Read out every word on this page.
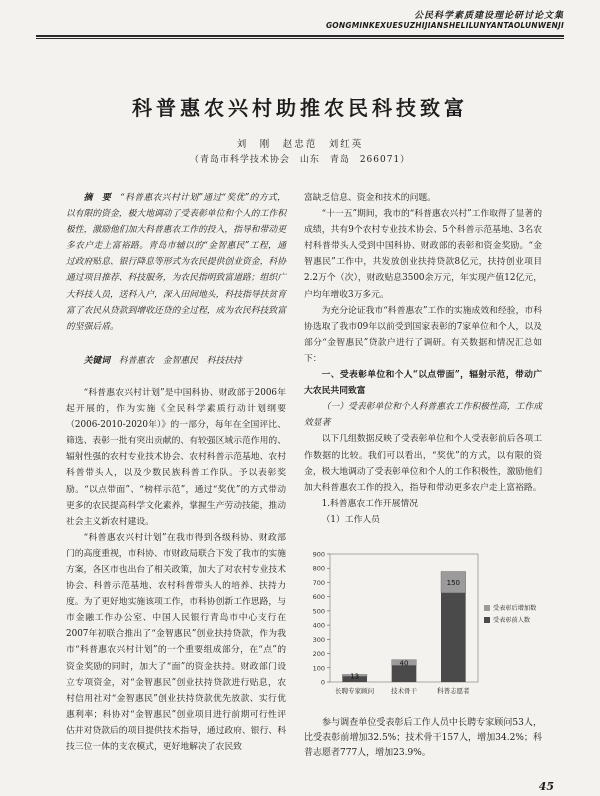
公民科学素质建设理论研讨论文集
GONGMINKEXUESUZHIJIANSHELILUNYANTAOLUNWENJI
科普惠农兴村助推农民科技致富
刘　刚　赵忠范　刘红英
（青岛市科学技术协会　山东　青岛　266071）

摘　要　 “科普惠农兴村计划”通过“奖优”的方式，以有限的资金，极大地调动了受表彰单位和个人的工作积极性，激励他们加大科普惠农工作的投入，指导和带动更多农户走上富裕路。青岛市辅以的“金智惠民”工程，通过政府贴息、银行降息等形式为农民提供创业资金，科协通过项目推荐、科技服务，为农民指明致富道路；组织广大科技人员，送科入户，深入田间地头，科技指导扶贫育富了农民从贷款到增收还贷的全过程，成为农民科技致富的坚强后盾。

关键词　 科普惠农　金智惠民　科技扶持

“科普惠农兴村计划”是中国科协、财政部于2006年起开展的，作为实施《全民科学素质行动计划纲要（2006-2010-2020年）》的一部分，每年在全国评比、筛选、表彰一批有突出贡献的、有较强区域示范作用的、辐射性强的农村专业技术协会、农村科普示范基地、农村科普带头人，以及少数民族科普工作队。予以表彰奖励。“以点带面”、“榜样示范”，通过“奖优”的方式带动更多的农民提高科学文化素养，掌握生产劳动技能，推动社会主义新农村建设。

“科普惠农兴村计划”在我市得到各级科协、财政部门的高度重视，市科协、市财政局联合下发了我市的实施方案，各区市也出台了相关政策，加大了对农村专业技术协会、科普示范基地、农村科普带头人的培养、扶持力度。为了更好地实施该项工作，市科协创新工作思路，与市金融工作办公室、中国人民银行青岛市中心支行在2007年初联合推出了“金智惠民”创业扶持贷款，作为我市“科普惠农兴村计划”的一个重要组成部分，在“点”的资金奖励的同时，加大了“面”的资金扶持。财政部门设立专项资金，对“金智惠民”创业扶持贷款进行贴息，农村信用社对“金智惠民”创业扶持贷款优先放款、实行优惠利率；科协对“金智惠民”创业项目进行前期可行性评估并对贷款后的项目提供技术指导，通过政府、银行、科技三位一体的支农模式，更好地解决了农民致

富缺乏信息、资金和技术的问题。

“十一五”期间，我市的“科普惠农兴村”工作取得了显著的成绩，共有9个农村专业技术协会、5个科普示范基地、3名农村科普带头人受到中国科协、财政部的表彰和资金奖励。“金智惠民”工作中，共发放创业扶持贷款8亿元，扶持创业项目2.2万个（次），财政贴息3500余万元，年实现产值12亿元，户均年增收3万多元。

为充分论证我市“科普惠农”工作的实施成效和经验，市科协选取了我市09年以前受到国家表彰的7家单位和个人，以及部分“金智惠民”贷款户进行了调研。有关数据和情况汇总如下：

一、受表彰单位和个人“以点带面”，辐射示范，带动广大农民共同致富

（一）受表彰单位和个人科普惠农工作积极性高，工作成效显著

以下几组数据反映了受表彰单位和个人受表彰前后各项工作数据的比较。我们可以看出，“奖优”的方式，以有限的资金，极大地调动了受表彰单位和个人的工作积极性，激励他们加大科普惠农工作的投入，指导和带动更多农户走上富裕路。

1.科普惠农工作开展情况

（1）工作人员

0
100
200
300
400
500
600
700
800
900
13
长聘专家顾问
40
技术骨干
150
科普志愿者
受表彰后增加数
受表彰前人数
参与调查单位受表彰后工作人员中长聘专家顾问53人，比受表彰前增加32.5%；技术骨干157人，增加34.2%；科普志愿者777人，增加23.9%。
45
